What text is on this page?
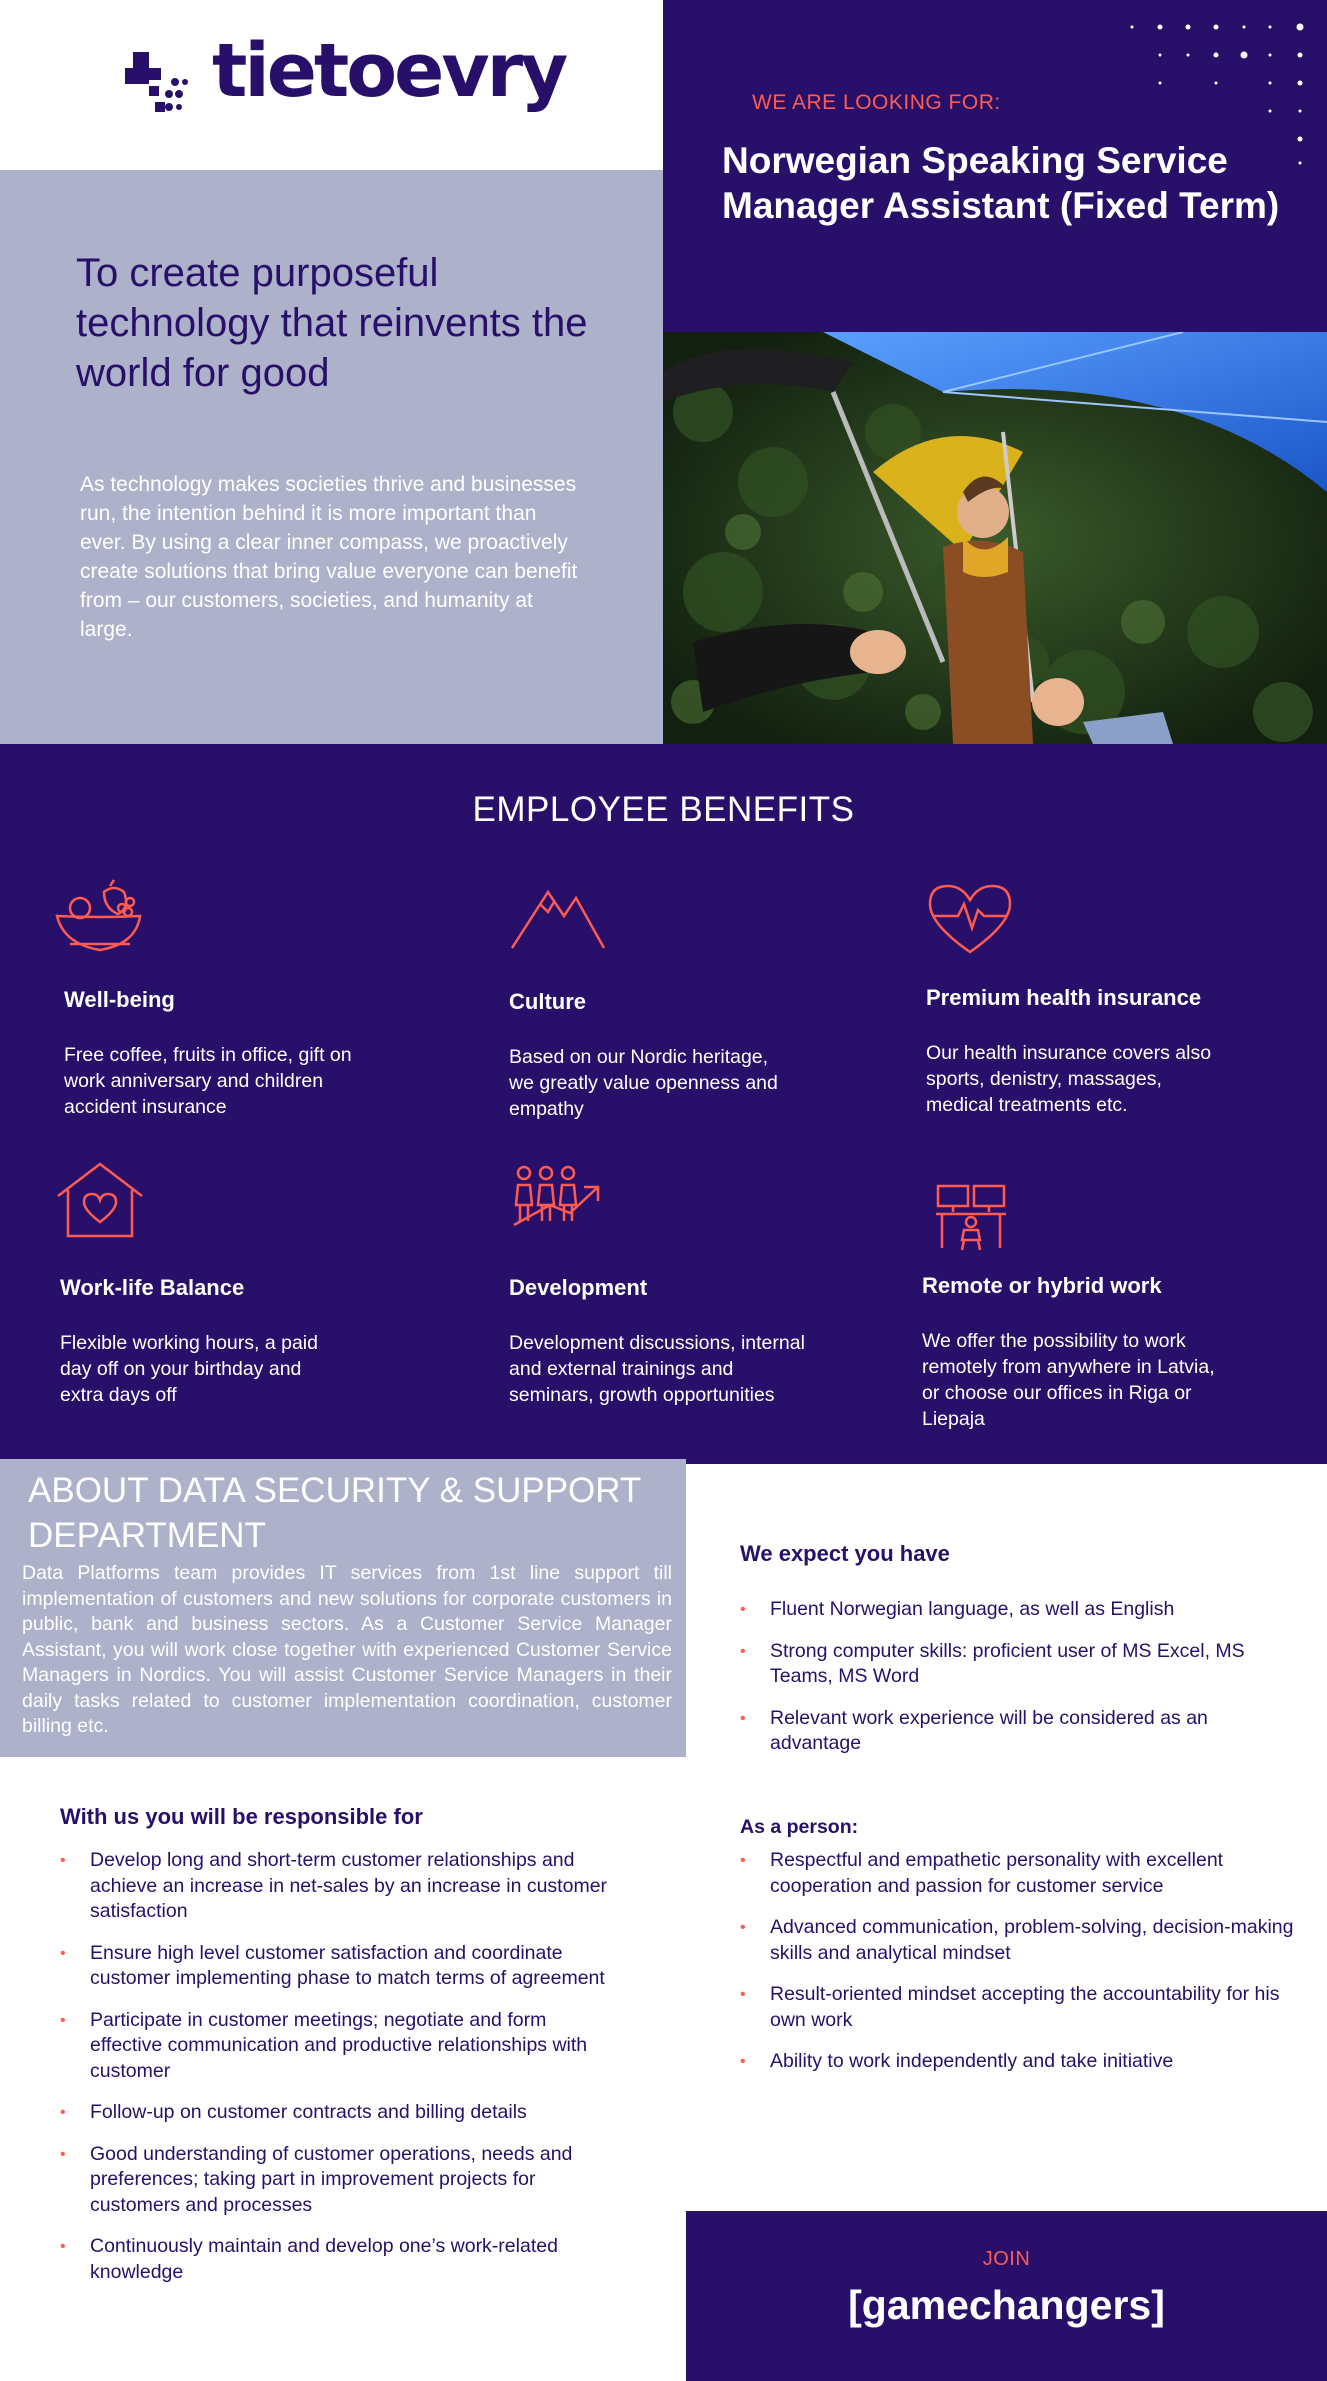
tietoevry	WE ARE LOOKING FOR:
Norwegian Speaking Service Manager Assistant (Fixed Term)
To create purposeful technology that reinvents the world for good
As technology makes societies thrive and businesses run, the intention behind it is more important than ever. By using a clear inner compass, we proactively create solutions that bring value everyone can benefit from – our customers, societies, and humanity at large.
EMPLOYEE BENEFITS
Well-being
Free coffee, fruits in office, gift on work anniversary and children accident insurance
Culture
Based on our Nordic heritage, we greatly value openness and empathy
Premium health insurance
Our health insurance covers also sports, denistry, massages, medical treatments etc.
Work-life Balance
Flexible working hours, a paid day off on your birthday and extra days off
Development
Development discussions, internal and external trainings and seminars, growth opportunities
Remote or hybrid work
We offer the possibility to work remotely from anywhere in Latvia, or choose our offices in Riga or Liepaja
ABOUT DATA SECURITY & SUPPORT DEPARTMENT
Data Platforms team provides IT services from 1st line support till implementation of customers and new solutions for corporate customers in public, bank and business sectors. As a Customer Service Manager Assistant, you will work close together with experienced Customer Service Managers in Nordics. You will assist Customer Service Managers in their daily tasks related to customer implementation coordination, customer billing etc.
With us you will be responsible for
• Develop long and short-term customer relationships and achieve an increase in net-sales by an increase in customer satisfaction
• Ensure high level customer satisfaction and coordinate customer implementing phase to match terms of agreement
• Participate in customer meetings; negotiate and form effective communication and productive relationships with customer
• Follow-up on customer contracts and billing details
• Good understanding of customer operations, needs and preferences; taking part in improvement projects for customers and processes
• Continuously maintain and develop one’s work-related knowledge
We expect you have
• Fluent Norwegian language, as well as English
• Strong computer skills: proficient user of MS Excel, MS Teams, MS Word
• Relevant work experience will be considered as an advantage
As a person:
• Respectful and empathetic personality with excellent cooperation and passion for customer service
• Advanced communication, problem-solving, decision-making skills and analytical mindset
• Result-oriented mindset accepting the accountability for his own work
• Ability to work independently and take initiative
JOIN
[gamechangers]
